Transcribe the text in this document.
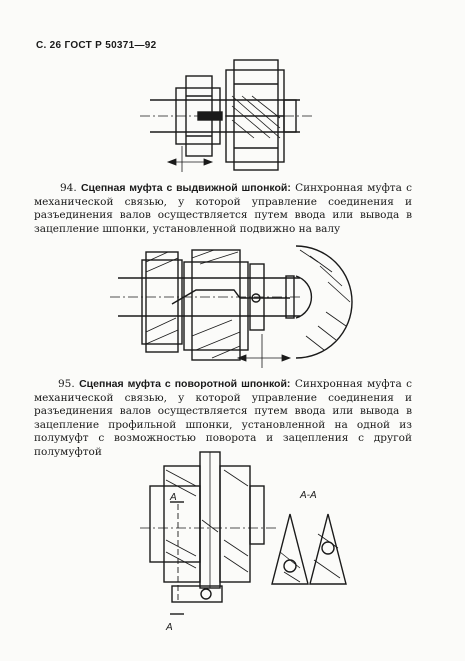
С. 26 ГОСТ Р 50371—92
94. Сцепная муфта с выдвижной шпонкой: Синхронная муфта с механической связью, у которой управление соединения и разъединения валов осуществляется путем ввода или вывода в зацепление шпонки, установленной подвижно на валу
95. Сцепная муфта с поворотной шпонкой: Синхронная муфта с механической связью, у которой управление соединения и разъединения валов осуществляется путем ввода или вывода в зацепление профильной шпонки, установленной на одной из полумуфт с возможностью поворота и зацепления с другой полумуфтой
А
А
А-А
